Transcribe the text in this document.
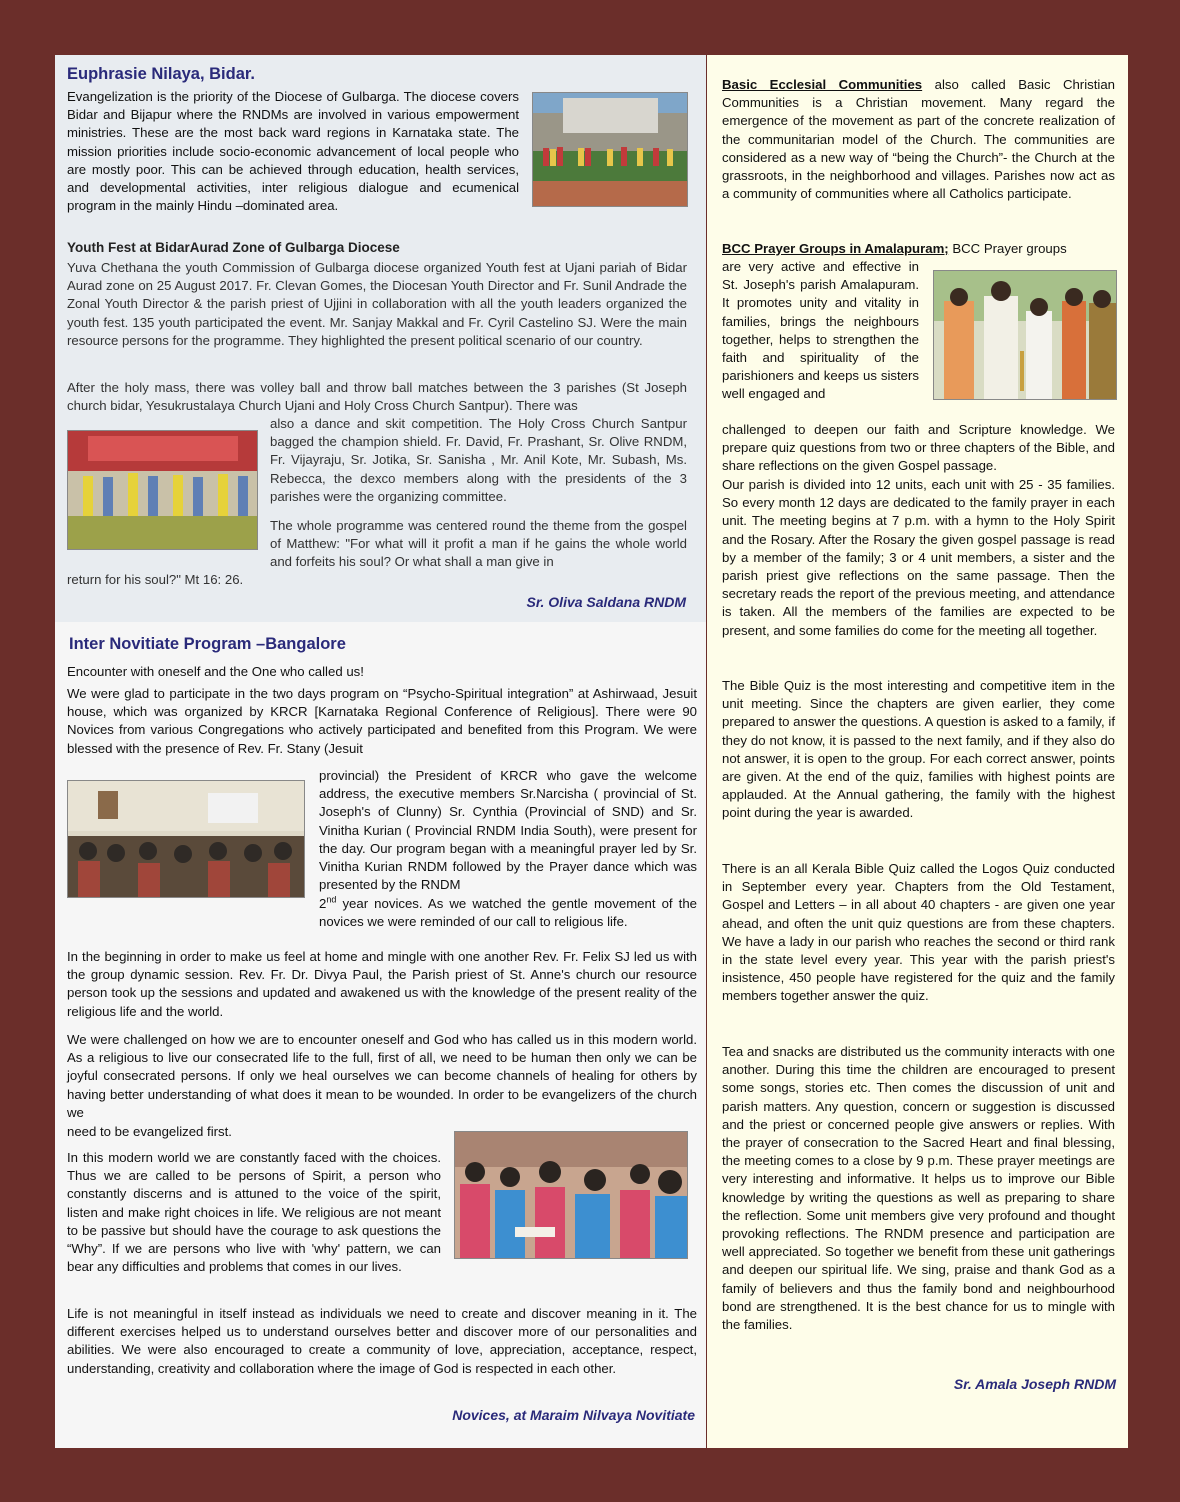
Euphrasie Nilaya, Bidar.

Evangelization is the priority of the Diocese of Gulbarga. The diocese covers Bidar and Bijapur where the RNDMs are involved in various empowerment ministries. These are the most back ward regions in Karnataka state. The mission priorities include socio-economic advancement of local people who are mostly poor. This can be achieved through education, health services, and developmental activities, inter religious dialogue and ecumenical program in the mainly Hindu –dominated area.

Youth Fest at BidarAurad Zone of Gulbarga Diocese

Yuva Chethana the youth Commission of Gulbarga diocese organized Youth fest at Ujani pariah of Bidar Aurad zone on 25 August 2017. Fr. Clevan Gomes, the Diocesan Youth Director and Fr. Sunil Andrade the Zonal Youth Director & the parish priest of Ujjini in collaboration with all the youth leaders organized the youth fest. 135 youth participated the event. Mr. Sanjay Makkal and Fr. Cyril Castelino SJ. Were the main resource persons for the programme. They highlighted the present political scenario of our country.

After the holy mass, there was volley ball and throw ball matches between the 3 parishes (St Joseph church bidar, Yesukrustalaya Church Ujani and Holy Cross Church Santpur). There was

also a dance and skit competition. The Holy Cross Church Santpur bagged the champion shield. Fr. David, Fr. Prashant, Sr. Olive RNDM, Fr. Vijayraju, Sr. Jotika, Sr. Sanisha , Mr. Anil Kote, Mr. Subash, Ms. Rebecca, the dexco members along with the presidents of the 3 parishes were the organizing committee.

The whole programme was centered round the theme from the gospel of Matthew: "For what will it profit a man if he gains the whole world and forfeits his soul? Or what shall a man give in

return for his soul?" Mt 16: 26.

Sr. Oliva Saldana RNDM
Inter Novitiate Program –Bangalore

Encounter with oneself and the One who called us!

We were glad to participate in the two days program on “Psycho-Spiritual integration” at Ashirwaad, Jesuit house, which was organized by KRCR [Karnataka Regional Conference of Religious]. There were 90 Novices from various Congregations who actively participated and benefited from this Program. We were blessed with the presence of Rev. Fr. Stany (Jesuit

provincial) the President of KRCR who gave the welcome address, the executive members Sr.Narcisha ( provincial of St. Joseph's of Clunny) Sr. Cynthia (Provincial of SND) and Sr. Vinitha Kurian ( Provincial RNDM India South), were present for the day. Our program began with a meaningful prayer led by Sr. Vinitha Kurian RNDM followed by the Prayer dance which was presented by the RNDM

2nd year novices. As we watched the gentle movement of the novices we were reminded of our call to religious life.

In the beginning in order to make us feel at home and mingle with one another Rev. Fr. Felix SJ led us with the group dynamic session. Rev. Fr. Dr. Divya Paul, the Parish priest of St. Anne's church our resource person took up the sessions and updated and awakened us with the knowledge of the present reality of the religious life and the world.

We were challenged on how we are to encounter oneself and God who has called us in this modern world. As a religious to live our consecrated life to the full, first of all, we need to be human then only we can be joyful consecrated persons. If only we heal ourselves we can become channels of healing for others by having better understanding of what does it mean to be wounded. In order to be evangelizers of the church we

need to be evangelized first.

In this modern world we are constantly faced with the choices. Thus we are called to be persons of Spirit, a person who constantly discerns and is attuned to the voice of the spirit, listen and make right choices in life. We religious are not meant to be passive but should have the courage to ask questions the “Why”. If we are persons who live with 'why' pattern, we can bear any difficulties and problems that comes in our lives.

Life is not meaningful in itself instead as individuals we need to create and discover meaning in it. The different exercises helped us to understand ourselves better and discover more of our personalities and abilities. We were also encouraged to create a community of love, appreciation, acceptance, respect, understanding, creativity and collaboration where the image of God is respected in each other.

Novices, at Maraim Nilvaya Novitiate

Basic Ecclesial Communities also called Basic Christian Communities is a Christian movement. Many regard the emergence of the movement as part of the concrete realization of the communitarian model of the Church. The communities are considered as a new way of “being the Church”- the Church at the grassroots, in the neighborhood and villages. Parishes now act as a community of communities where all Catholics participate.

BCC Prayer Groups in Amalapuram; BCC Prayer groups

are very active and effective in St. Joseph's parish Amalapuram. It promotes unity and vitality in families, brings the neighbours together, helps to strengthen the faith and spirituality of the parishioners and keeps us sisters well engaged and

challenged to deepen our faith and Scripture knowledge. We prepare quiz questions from two or three chapters of the Bible, and share reflections on the given Gospel passage.

Our parish is divided into 12 units, each unit with 25 - 35 families. So every month 12 days are dedicated to the family prayer in each unit. The meeting begins at 7 p.m. with a hymn to the Holy Spirit and the Rosary. After the Rosary the given gospel passage is read by a member of the family; 3 or 4 unit members, a sister and the parish priest give reflections on the same passage. Then the secretary reads the report of the previous meeting, and attendance is taken. All the members of the families are expected to be present, and some families do come for the meeting all together.

The Bible Quiz is the most interesting and competitive item in the unit meeting. Since the chapters are given earlier, they come prepared to answer the questions. A question is asked to a family, if they do not know, it is passed to the next family, and if they also do not answer, it is open to the group. For each correct answer, points are given. At the end of the quiz, families with highest points are applauded. At the Annual gathering, the family with the highest point during the year is awarded.

There is an all Kerala Bible Quiz called the Logos Quiz conducted in September every year. Chapters from the Old Testament, Gospel and Letters – in all about 40 chapters - are given one year ahead, and often the unit quiz questions are from these chapters. We have a lady in our parish who reaches the second or third rank in the state level every year. This year with the parish priest's insistence, 450 people have registered for the quiz and the family members together answer the quiz.

Tea and snacks are distributed us the community interacts with one another. During this time the children are encouraged to present some songs, stories etc. Then comes the discussion of unit and parish matters. Any question, concern or suggestion is discussed and the priest or concerned people give answers or replies. With the prayer of consecration to the Sacred Heart and final blessing, the meeting comes to a close by 9 p.m. These prayer meetings are very interesting and informative. It helps us to improve our Bible knowledge by writing the questions as well as preparing to share the reflection. Some unit members give very profound and thought provoking reflections. The RNDM presence and participation are well appreciated. So together we benefit from these unit gatherings and deepen our spiritual life. We sing, praise and thank God as a family of believers and thus the family bond and neighbourhood bond are strengthened. It is the best chance for us to mingle with the families.

Sr. Amala Joseph RNDM
